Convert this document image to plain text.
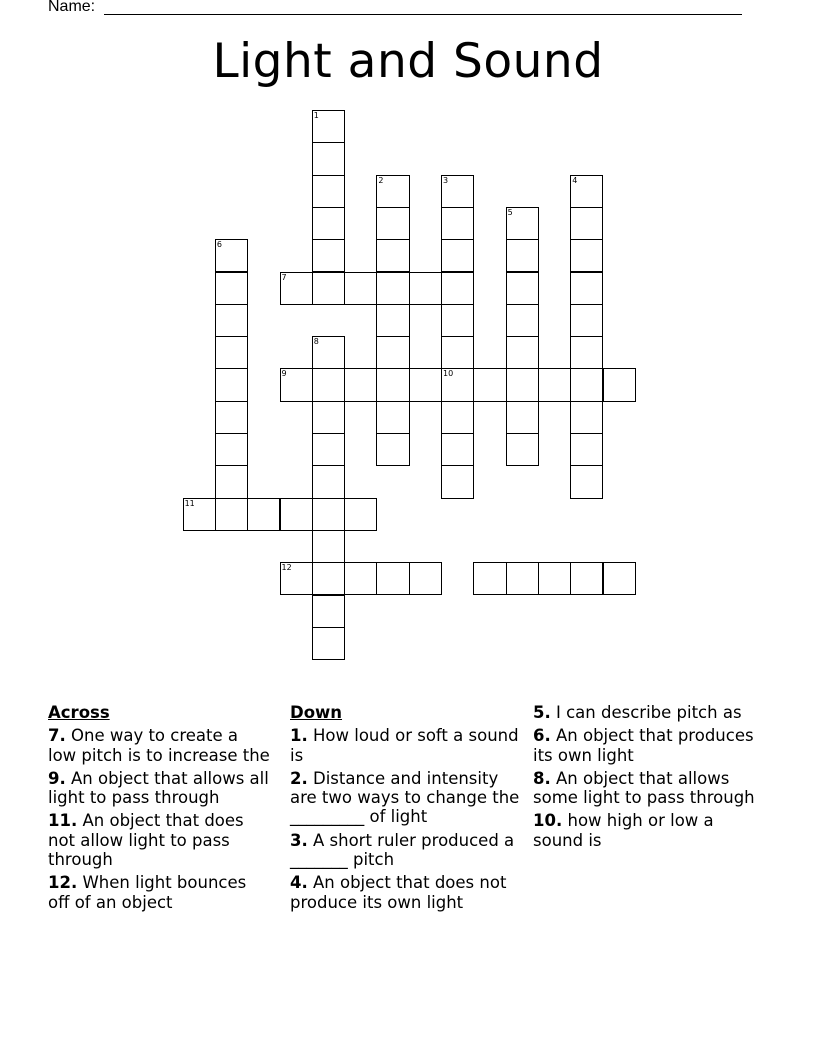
Name:
Light and Sound
1
2	3	4
5
6
7
8
9	10
11
12
Across
7. One way to create a low pitch is to increase the
9. An object that allows all light to pass through
11. An object that does not allow light to pass through
12. When light bounces off of an object
Down
1. How loud or soft a sound is
2. Distance and intensity are two ways to change the _________ of light
3. A short ruler produced a _______ pitch
4. An object that does not produce its own light
5. I can describe pitch as
6. An object that produces its own light
8. An object that allows some light to pass through
10. how high or low a sound is
